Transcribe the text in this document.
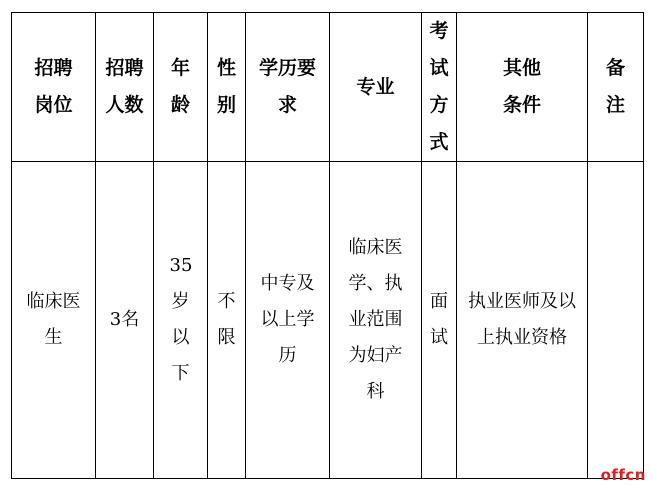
招聘岗位	招聘人数	年龄	性别	学历要求	专业	考试方式	其他条件	备注
临床医生	3名	35岁以下	不限	中专及以上学历	临床医学、执业范围为妇产科	面试	执业医师及以上执业资格	
offcn
